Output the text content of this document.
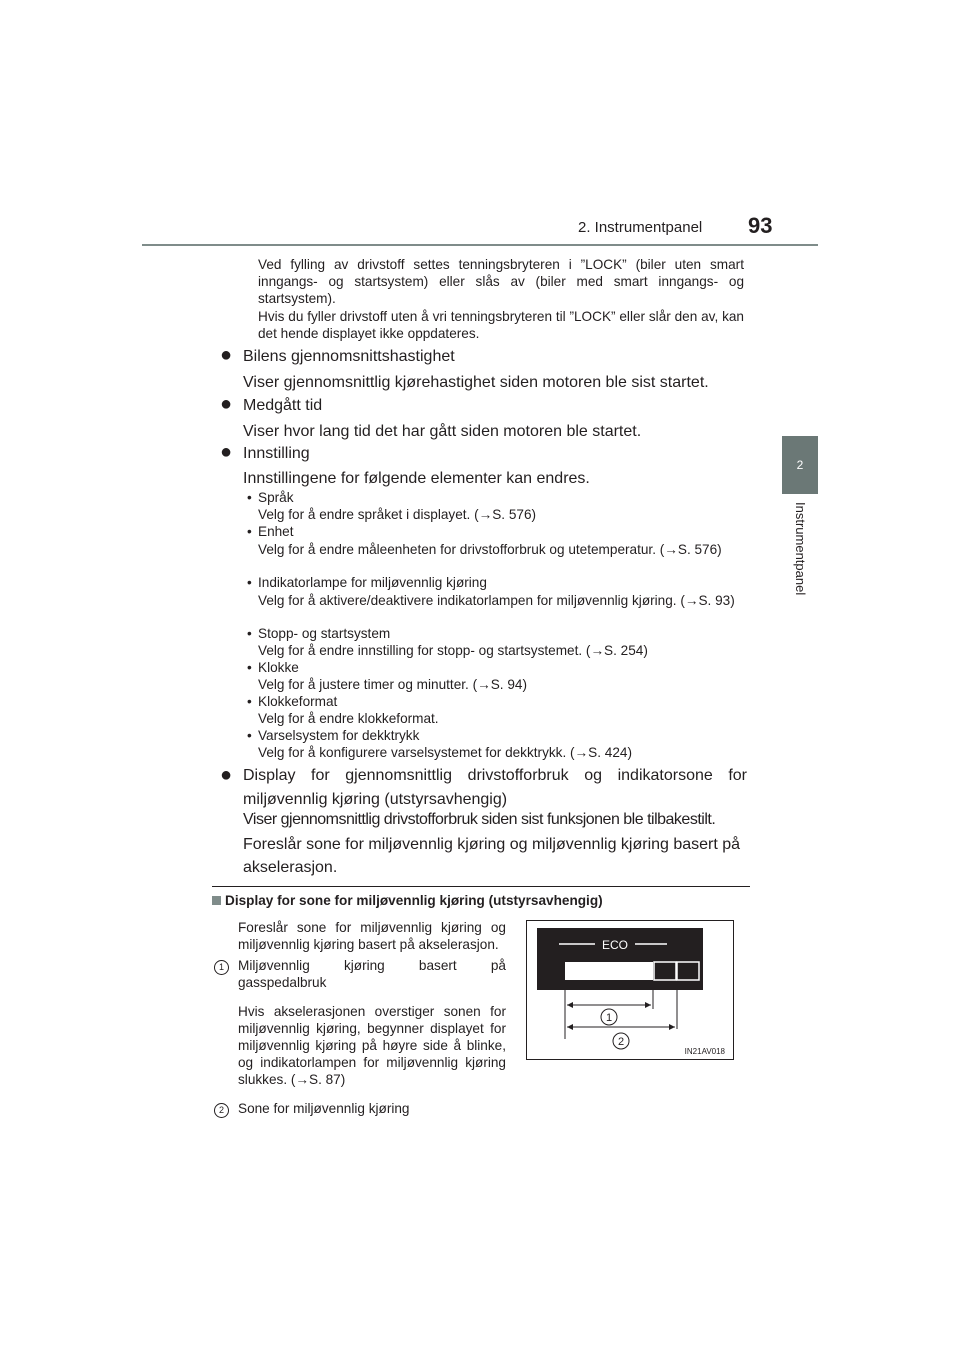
2. Instrumentpanel 93
2
Instrumentpanel
Ved fylling av drivstoff settes tenningsbryteren i ”LOCK” (biler uten smart inngangs- og startsystem) eller slås av (biler med smart inngangs- og startsystem).
Hvis du fyller drivstoff uten å vri tenningsbryteren til ”LOCK” eller slår den av, kan det hende displayet ikke oppdateres.
● Bilens gjennomsnittshastighet
Viser gjennomsnittlig kjørehastighet siden motoren ble sist startet.
● Medgått tid
Viser hvor lang tid det har gått siden motoren ble startet.
● Innstilling
Innstillingene for følgende elementer kan endres.
• Språk
Velg for å endre språket i displayet. (→S. 576)
• Enhet
Velg for å endre måleenheten for drivstofforbruk og utetemperatur. (→S. 576)
• Indikatorlampe for miljøvennlig kjøring
Velg for å aktivere/deaktivere indikatorlampen for miljøvennlig kjøring. (→S. 93)
• Stopp- og startsystem
Velg for å endre innstilling for stopp- og startsystemet. (→S. 254)
• Klokke
Velg for å justere timer og minutter. (→S. 94)
• Klokkeformat
Velg for å endre klokkeformat.
• Varselsystem for dekktrykk
Velg for å konfigurere varselsystemet for dekktrykk. (→S. 424)
● Display for gjennomsnittlig drivstofforbruk og indikatorsone for miljøvennlig kjøring (utstyrsavhengig)
Viser gjennomsnittlig drivstofforbruk siden sist funksjonen ble tilbakestilt.
Foreslår sone for miljøvennlig kjøring og miljøvennlig kjøring basert på akselerasjon.
Display for sone for miljøvennlig kjøring (utstyrsavhengig)
Foreslår sone for miljøvennlig kjøring og miljøvennlig kjøring basert på akselerasjon.
1	Miljøvennlig kjøring basert på gasspedalbruk
Hvis akselerasjonen overstiger sonen for miljøvennlig kjøring, begynner displayet for miljøvennlig kjøring på høyre side å blinke, og indikatorlampen for miljøvennlig kjøring slukkes. (→S. 87)
2	Sone for miljøvennlig kjøring
ECO
1
2
IN21AV018
